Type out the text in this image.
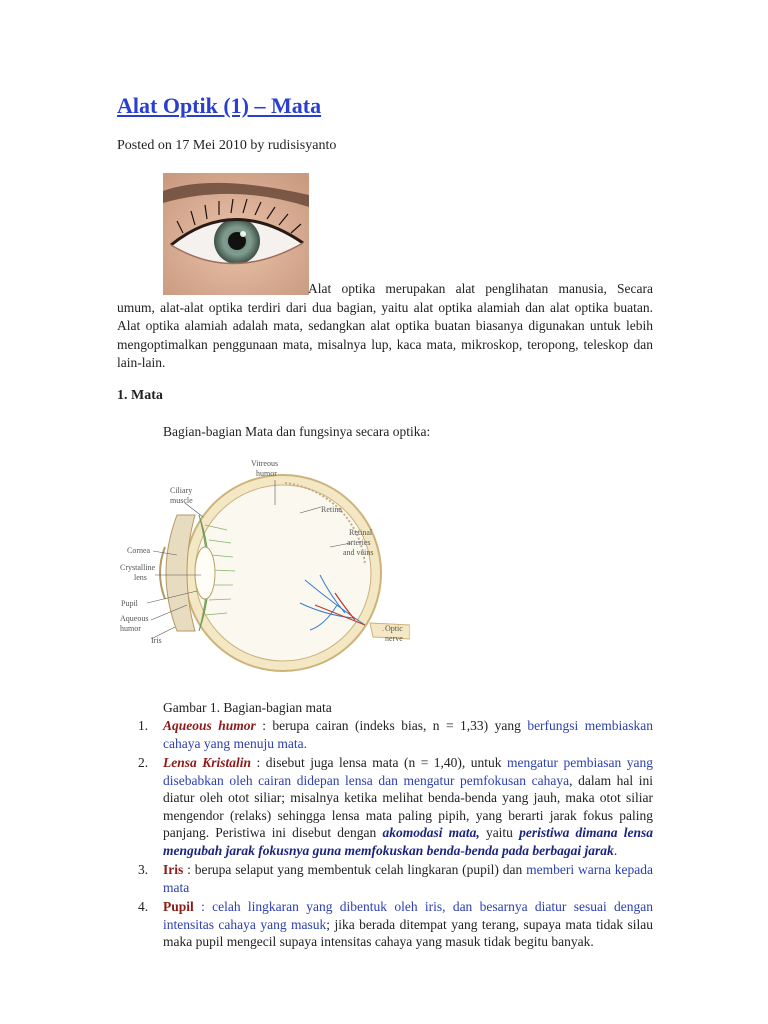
Alat Optik (1) – Mata
Posted on 17 Mei 2010 by rudisisyanto

Alat optika merupakan alat penglihatan manusia, Secara umum, alat-alat optika terdiri dari dua bagian, yaitu alat optika alamiah dan alat optika buatan. Alat optika alamiah adalah mata, sedangkan alat optika buatan biasanya digunakan untuk lebih mengoptimalkan penggunaan mata, misalnya lup, kaca mata, mikroskop, teropong, teleskop dan lain-lain.

1. Mata
Bagian-bagian Mata dan fungsinya secara optika:
Vitreous
humor
Ciliary
muscle
Retina
Retinal
arteries
and veins
Cornea
Crystalline
lens
Pupil
Aqueous
humor
Iris
Optic
nerve
Gambar 1. Bagian-bagian mata
1. Aqueous humor : berupa cairan (indeks bias, n = 1,33) yang berfungsi membiaskan cahaya yang menuju mata.
2. Lensa Kristalin : disebut juga lensa mata (n = 1,40), untuk mengatur pembiasan yang disebabkan oleh cairan didepan lensa dan mengatur pemfokusan cahaya, dalam hal ini diatur oleh otot siliar; misalnya ketika melihat benda-benda yang jauh, maka otot siliar mengendor (relaks) sehingga lensa mata paling pipih, yang berarti jarak fokus paling panjang. Peristiwa ini disebut dengan akomodasi mata, yaitu peristiwa dimana lensa mengubah jarak fokusnya guna memfokuskan benda-benda pada berbagai jarak.
3. Iris : berupa selaput yang membentuk celah lingkaran (pupil) dan memberi warna kepada mata
4. Pupil : celah lingkaran yang dibentuk oleh iris, dan besarnya diatur sesuai dengan intensitas cahaya yang masuk; jika berada ditempat yang terang, supaya mata tidak silau maka pupil mengecil supaya intensitas cahaya yang masuk tidak begitu banyak.
